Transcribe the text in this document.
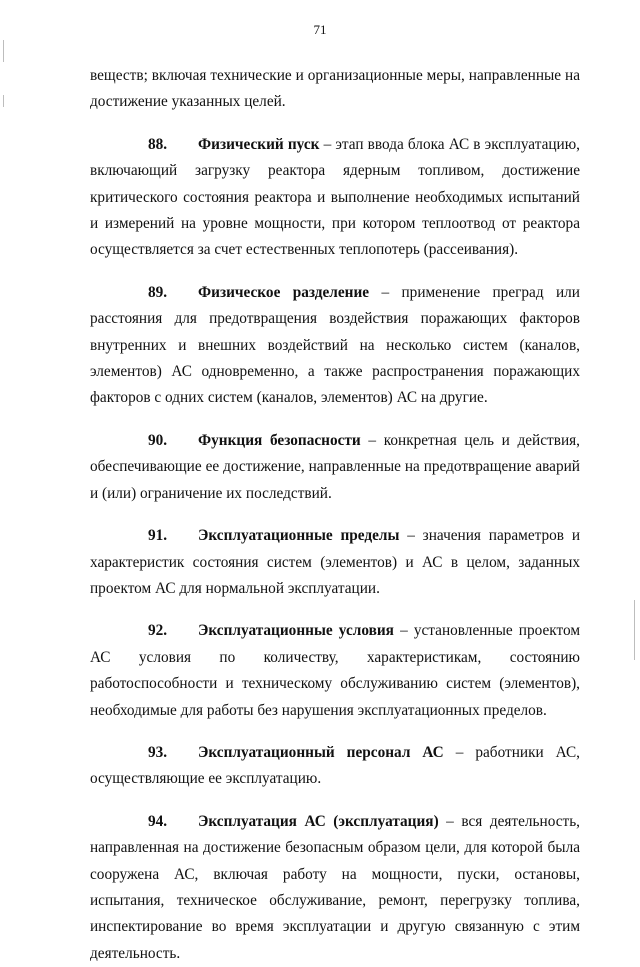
71

веществ; включая технические и организационные меры, направленные на достижение указанных целей.

88. Физический пуск – этап ввода блока АС в эксплуатацию, включающий загрузку реактора ядерным топливом, достижение критического состояния реактора и выполнение необходимых испытаний и измерений на уровне мощности, при котором теплоотвод от реактора осуществляется за счет естественных теплопотерь (рассеивания).

89. Физическое разделение – применение преград или расстояния для предотвращения воздействия поражающих факторов внутренних и внешних воздействий на несколько систем (каналов, элементов) АС одновременно, а также распространения поражающих факторов с одних систем (каналов, элементов) АС на другие.

90. Функция безопасности – конкретная цель и действия, обеспечивающие ее достижение, направленные на предотвращение аварий и (или) ограничение их последствий.

91. Эксплуатационные пределы – значения параметров и характеристик состояния систем (элементов) и АС в целом, заданных проектом АС для нормальной эксплуатации.

92. Эксплуатационные условия – установленные проектом АС условия по количеству, характеристикам, состоянию работоспособности и техническому обслуживанию систем (элементов), необходимые для работы без нарушения эксплуатационных пределов.

93. Эксплуатационный персонал АС – работники АС, осуществляющие ее эксплуатацию.

94. Эксплуатация АС (эксплуатация) – вся деятельность, направленная на достижение безопасным образом цели, для которой была сооружена АС, включая работу на мощности, пуски, остановы, испытания, техническое обслуживание, ремонт, перегрузку топлива, инспектирование во время эксплуатации и другую связанную с этим деятельность.
